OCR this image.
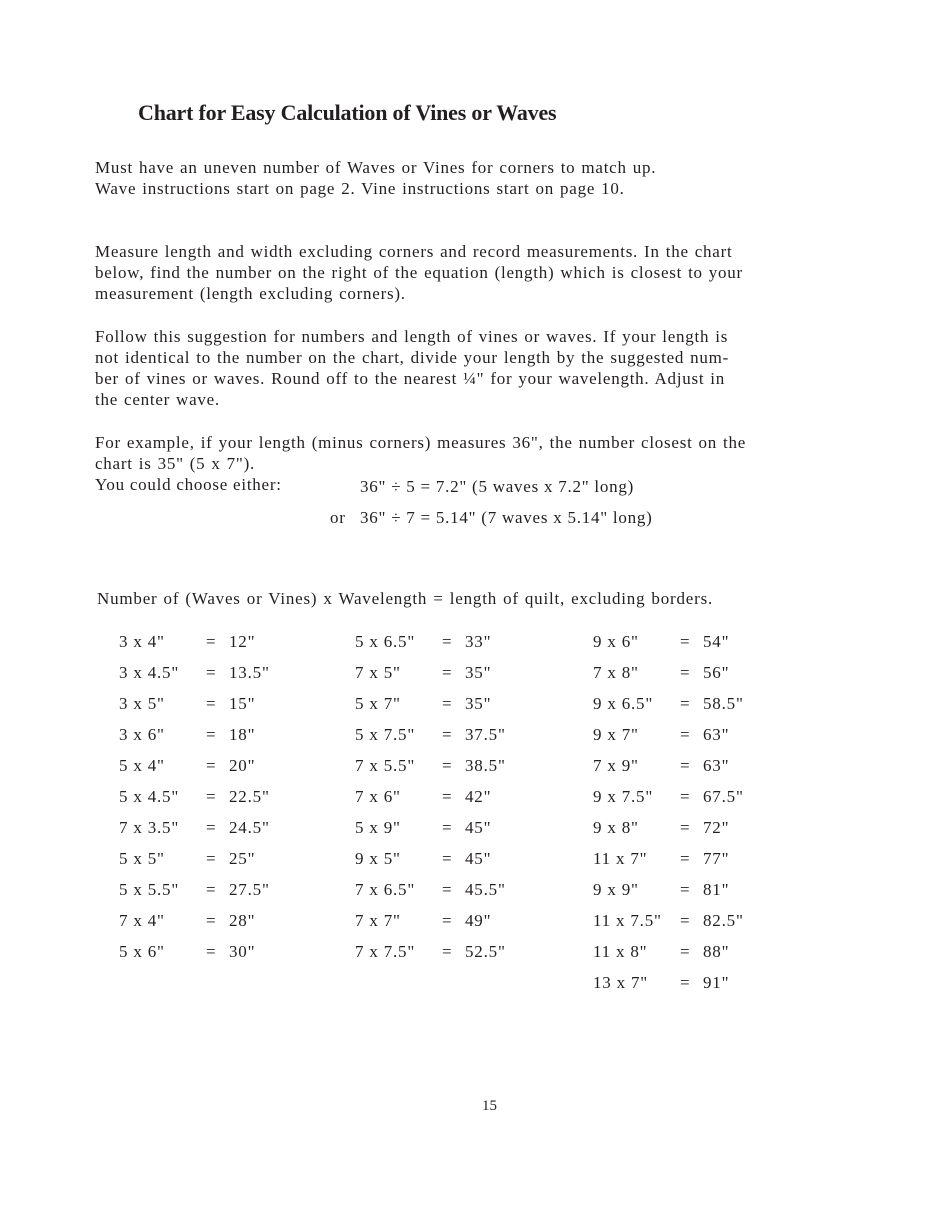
Chart for Easy Calculation of Vines or Waves
Must have an uneven number of Waves or Vines for corners to match up.
Wave instructions start on page 2. Vine instructions start on page 10.
Measure length and width excluding corners and record measurements. In the chart
below, find the number on the right of the equation (length) which is closest to your
measurement (length excluding corners).
Follow this suggestion for numbers and length of vines or waves. If your length is
not identical to the number on the chart, divide your length by the suggested num-
ber of vines or waves. Round off to the nearest ¼" for your wavelength. Adjust in
the center wave.
For example, if your length (minus corners) measures 36", the number closest on the
chart is 35" (5 x 7").
You could choose either:	36" ÷ 5 = 7.2" (5 waves x 7.2" long)
or 36" ÷ 7 = 5.14" (7 waves x 5.14" long)
Number of (Waves or Vines) x Wavelength = length of quilt, excluding borders.
3 x 4" = 12"
3 x 4.5" = 13.5"
3 x 5" = 15"
3 x 6" = 18"
5 x 4" = 20"
5 x 4.5" = 22.5"
7 x 3.5" = 24.5"
5 x 5" = 25"
5 x 5.5" = 27.5"
7 x 4" = 28"
5 x 6" = 30"
5 x 6.5" = 33"
7 x 5" = 35"
5 x 7" = 35"
5 x 7.5" = 37.5"
7 x 5.5" = 38.5"
7 x 6" = 42"
5 x 9" = 45"
9 x 5" = 45"
7 x 6.5" = 45.5"
7 x 7" = 49"
7 x 7.5" = 52.5"
9 x 6" = 54"
7 x 8" = 56"
9 x 6.5" = 58.5"
9 x 7" = 63"
7 x 9" = 63"
9 x 7.5" = 67.5"
9 x 8" = 72"
11 x 7" = 77"
9 x 9" = 81"
11 x 7.5" = 82.5"
11 x 8" = 88"
13 x 7" = 91"
15
